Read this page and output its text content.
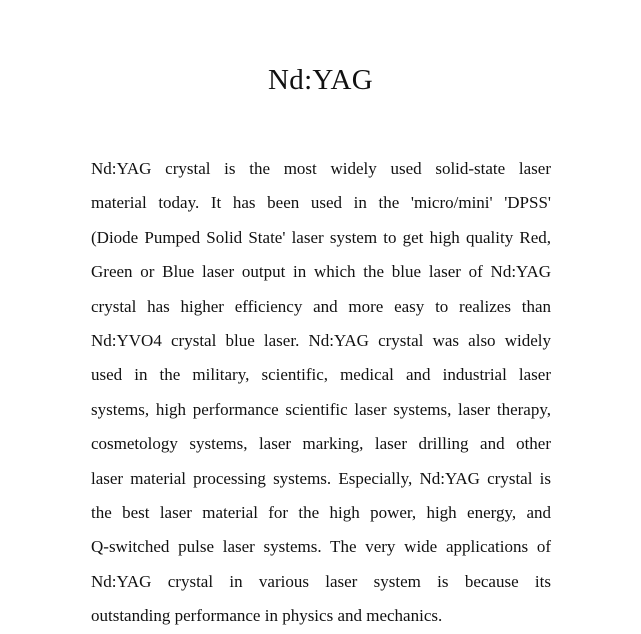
Nd:YAG

Nd:YAG crystal is the most widely used solid-state laser
material today. It has been used in the 'micro/mini' 'DPSS'
(Diode Pumped Solid State' laser system to get high quality Red,
Green or Blue laser output in which the blue laser of Nd:YAG
crystal has higher efficiency and more easy to realizes than
Nd:YVO4 crystal blue laser. Nd:YAG crystal was also widely
used in the military, scientific, medical and industrial laser
systems, high performance scientific laser systems, laser therapy,
cosmetology systems, laser marking, laser drilling and other
laser material processing systems. Especially, Nd:YAG crystal is
the best laser material for the high power, high energy, and
Q-switched pulse laser systems. The very wide applications of
Nd:YAG crystal in various laser system is because its
outstanding performance in physics and mechanics.
